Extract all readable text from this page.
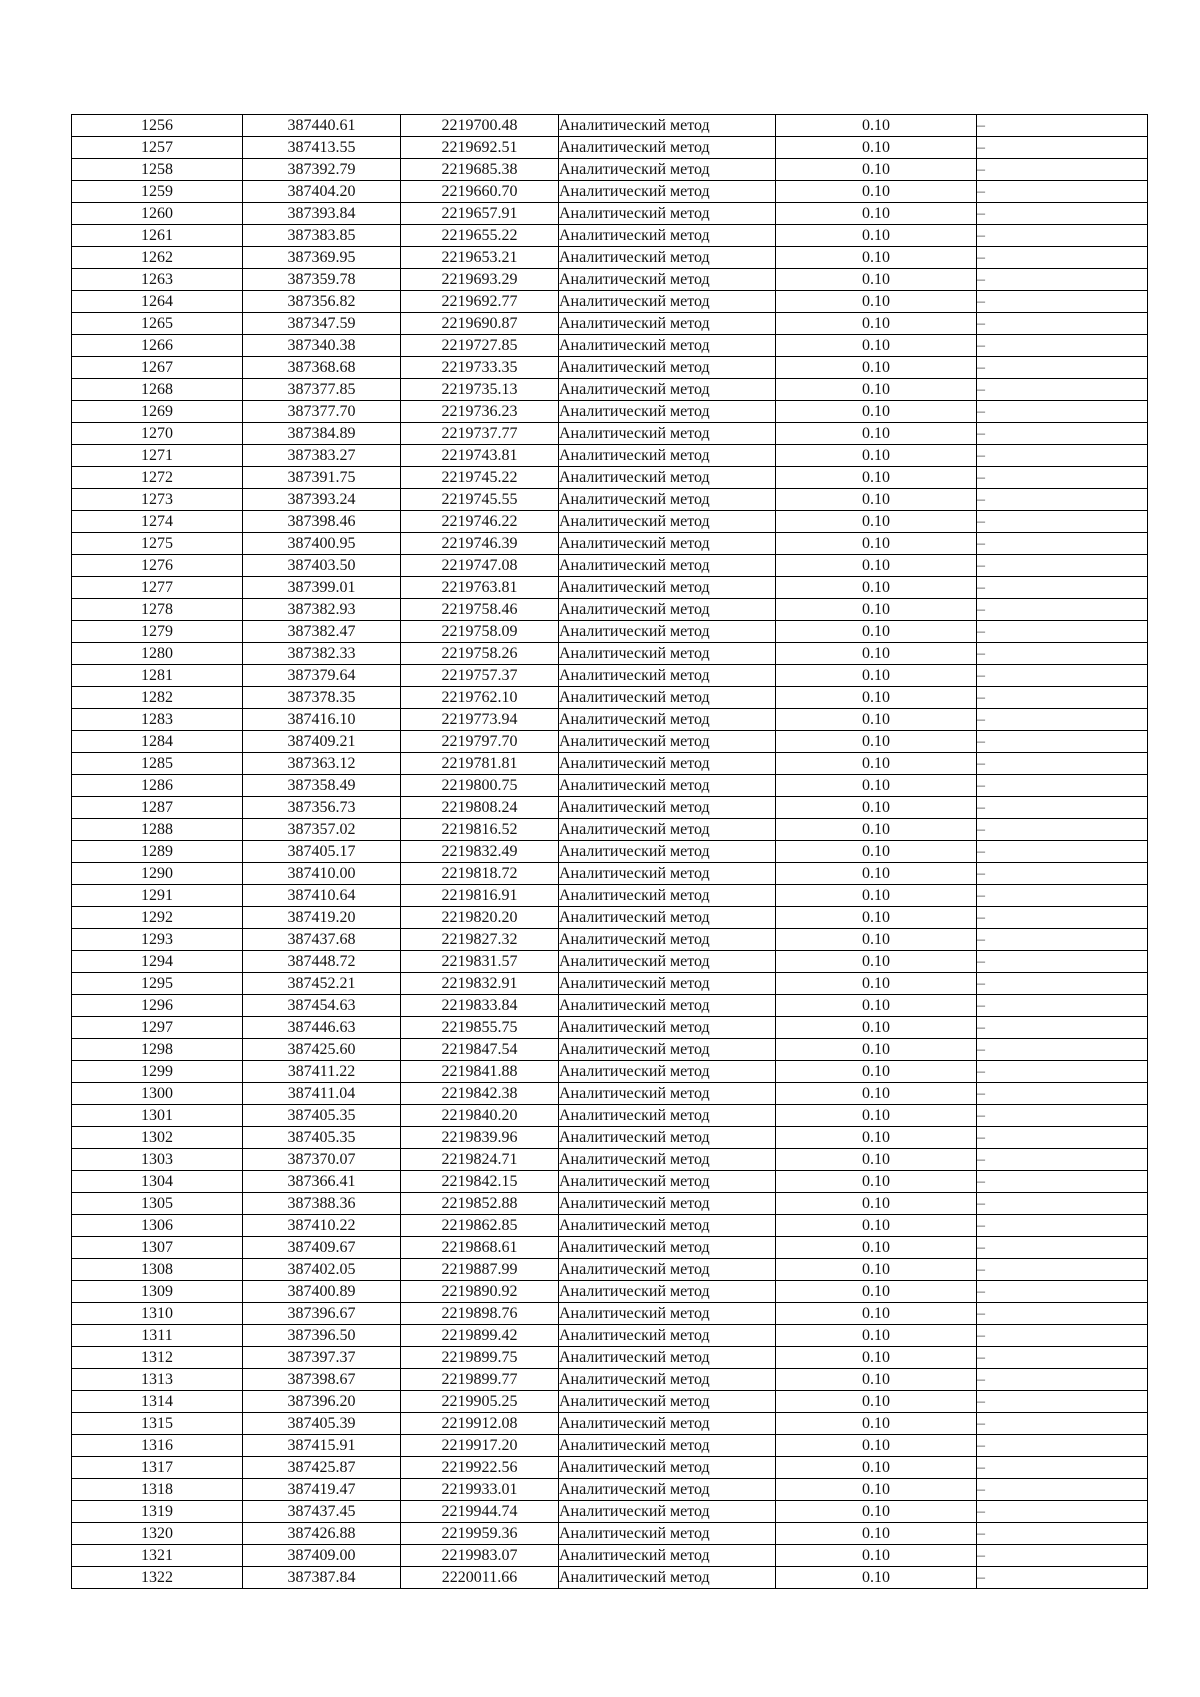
1256	387440.61	2219700.48	Аналитический метод	0.10	–
1257	387413.55	2219692.51	Аналитический метод	0.10	–
1258	387392.79	2219685.38	Аналитический метод	0.10	–
1259	387404.20	2219660.70	Аналитический метод	0.10	–
1260	387393.84	2219657.91	Аналитический метод	0.10	–
1261	387383.85	2219655.22	Аналитический метод	0.10	–
1262	387369.95	2219653.21	Аналитический метод	0.10	–
1263	387359.78	2219693.29	Аналитический метод	0.10	–
1264	387356.82	2219692.77	Аналитический метод	0.10	–
1265	387347.59	2219690.87	Аналитический метод	0.10	–
1266	387340.38	2219727.85	Аналитический метод	0.10	–
1267	387368.68	2219733.35	Аналитический метод	0.10	–
1268	387377.85	2219735.13	Аналитический метод	0.10	–
1269	387377.70	2219736.23	Аналитический метод	0.10	–
1270	387384.89	2219737.77	Аналитический метод	0.10	–
1271	387383.27	2219743.81	Аналитический метод	0.10	–
1272	387391.75	2219745.22	Аналитический метод	0.10	–
1273	387393.24	2219745.55	Аналитический метод	0.10	–
1274	387398.46	2219746.22	Аналитический метод	0.10	–
1275	387400.95	2219746.39	Аналитический метод	0.10	–
1276	387403.50	2219747.08	Аналитический метод	0.10	–
1277	387399.01	2219763.81	Аналитический метод	0.10	–
1278	387382.93	2219758.46	Аналитический метод	0.10	–
1279	387382.47	2219758.09	Аналитический метод	0.10	–
1280	387382.33	2219758.26	Аналитический метод	0.10	–
1281	387379.64	2219757.37	Аналитический метод	0.10	–
1282	387378.35	2219762.10	Аналитический метод	0.10	–
1283	387416.10	2219773.94	Аналитический метод	0.10	–
1284	387409.21	2219797.70	Аналитический метод	0.10	–
1285	387363.12	2219781.81	Аналитический метод	0.10	–
1286	387358.49	2219800.75	Аналитический метод	0.10	–
1287	387356.73	2219808.24	Аналитический метод	0.10	–
1288	387357.02	2219816.52	Аналитический метод	0.10	–
1289	387405.17	2219832.49	Аналитический метод	0.10	–
1290	387410.00	2219818.72	Аналитический метод	0.10	–
1291	387410.64	2219816.91	Аналитический метод	0.10	–
1292	387419.20	2219820.20	Аналитический метод	0.10	–
1293	387437.68	2219827.32	Аналитический метод	0.10	–
1294	387448.72	2219831.57	Аналитический метод	0.10	–
1295	387452.21	2219832.91	Аналитический метод	0.10	–
1296	387454.63	2219833.84	Аналитический метод	0.10	–
1297	387446.63	2219855.75	Аналитический метод	0.10	–
1298	387425.60	2219847.54	Аналитический метод	0.10	–
1299	387411.22	2219841.88	Аналитический метод	0.10	–
1300	387411.04	2219842.38	Аналитический метод	0.10	–
1301	387405.35	2219840.20	Аналитический метод	0.10	–
1302	387405.35	2219839.96	Аналитический метод	0.10	–
1303	387370.07	2219824.71	Аналитический метод	0.10	–
1304	387366.41	2219842.15	Аналитический метод	0.10	–
1305	387388.36	2219852.88	Аналитический метод	0.10	–
1306	387410.22	2219862.85	Аналитический метод	0.10	–
1307	387409.67	2219868.61	Аналитический метод	0.10	–
1308	387402.05	2219887.99	Аналитический метод	0.10	–
1309	387400.89	2219890.92	Аналитический метод	0.10	–
1310	387396.67	2219898.76	Аналитический метод	0.10	–
1311	387396.50	2219899.42	Аналитический метод	0.10	–
1312	387397.37	2219899.75	Аналитический метод	0.10	–
1313	387398.67	2219899.77	Аналитический метод	0.10	–
1314	387396.20	2219905.25	Аналитический метод	0.10	–
1315	387405.39	2219912.08	Аналитический метод	0.10	–
1316	387415.91	2219917.20	Аналитический метод	0.10	–
1317	387425.87	2219922.56	Аналитический метод	0.10	–
1318	387419.47	2219933.01	Аналитический метод	0.10	–
1319	387437.45	2219944.74	Аналитический метод	0.10	–
1320	387426.88	2219959.36	Аналитический метод	0.10	–
1321	387409.00	2219983.07	Аналитический метод	0.10	–
1322	387387.84	2220011.66	Аналитический метод	0.10	–
